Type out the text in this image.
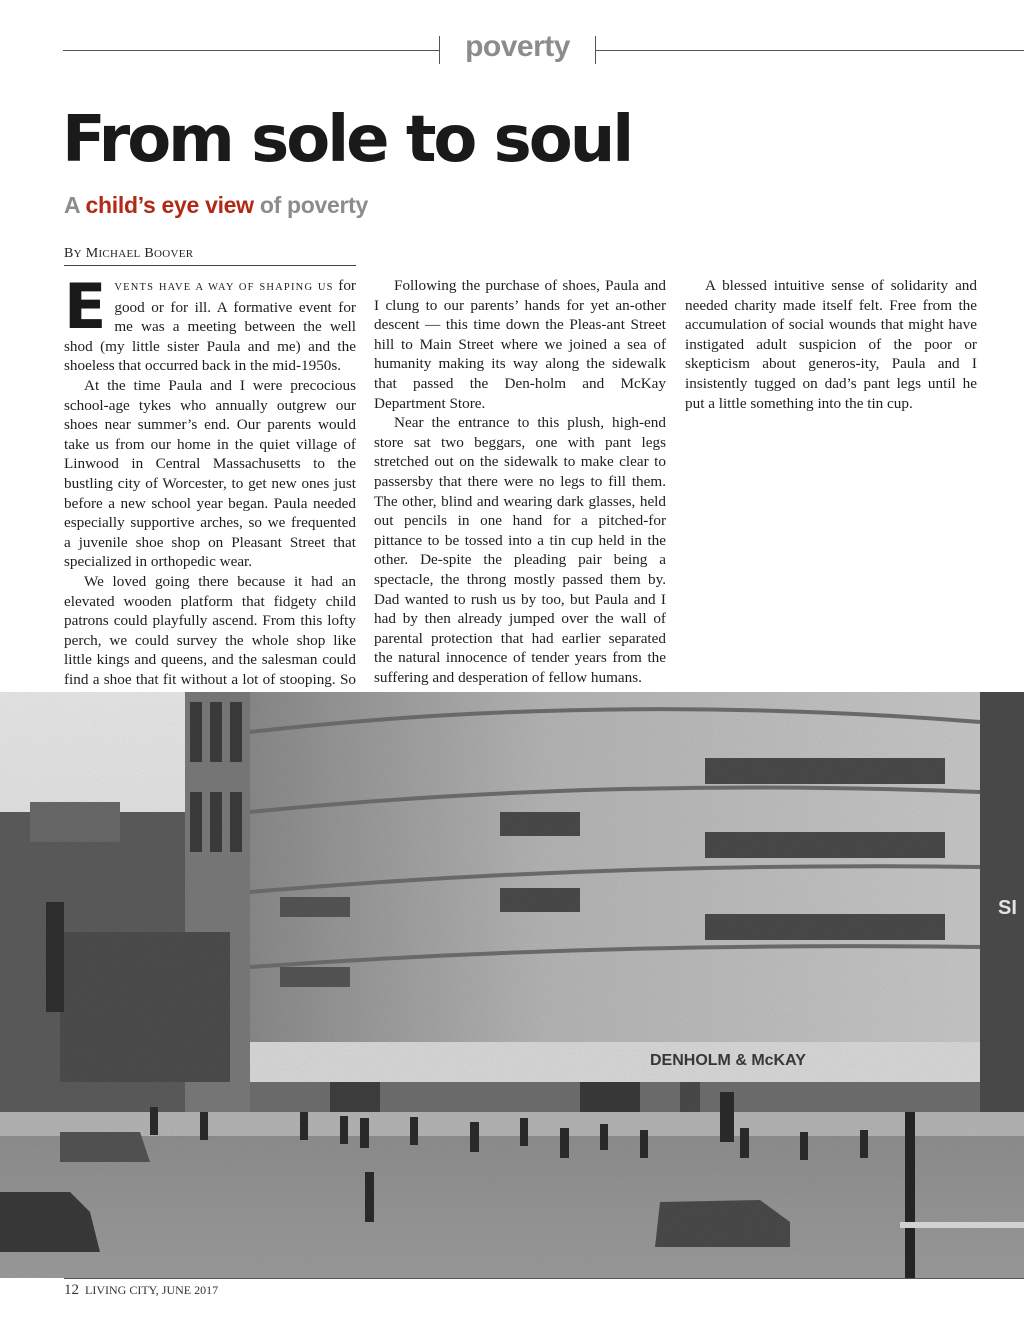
poverty
From sole to soul
A child’s eye view of poverty
BY MICHAEL BOOVER

EVENTS HAVE A WAY OF SHAPING US for good or for ill. A formative event for me was a meeting between the well shod (my little sister Paula and me) and the shoeless that occurred back in the mid-1950s.

At the time Paula and I were precocious school-age tykes who annually outgrew our shoes near summer’s end. Our parents would take us from our home in the quiet village of Linwood in Central Massachusetts to the bustling city of Worcester, to get new ones just before a new school year began. Paula needed especially supportive arches, so we frequented a juvenile shoe shop on Pleasant Street that specialized in orthopedic wear.

We loved going there because it had an elevated wooden platform that fidgety child patrons could playfully ascend. From this lofty perch, we could survey the whole shop like little kings and queens, and the salesman could find a shoe that fit without a lot of stooping. So

Following the purchase of shoes, Paula and I clung to our parents’ hands for yet an-other descent — this time down the Pleas-ant Street hill to Main Street where we joined a sea of humanity making its way along the sidewalk that passed the Den-holm and McKay Department Store.

Near the entrance to this plush, high-end store sat two beggars, one with pant legs stretched out on the sidewalk to make clear to passersby that there were no legs to fill them. The other, blind and wearing dark glasses, held out pencils in one hand for a pitched-for pittance to be tossed into a tin cup held in the other. De-spite the pleading pair being a spectacle, the throng mostly passed them by. Dad wanted to rush us by too, but Paula and I had by then already jumped over the wall of parental protection that had earlier separated the natural innocence of tender years from the suffering and desperation of fellow humans.

A blessed intuitive sense of solidarity and needed charity made itself felt. Free from the accumulation of social wounds that might have instigated adult suspicion of the poor or skepticism about generos-ity, Paula and I insistently tugged on dad’s pant legs until he put a little something into the tin cup.

DENHOLM & McKAY
SI
12 LIVING CITY, JUNE 2017
